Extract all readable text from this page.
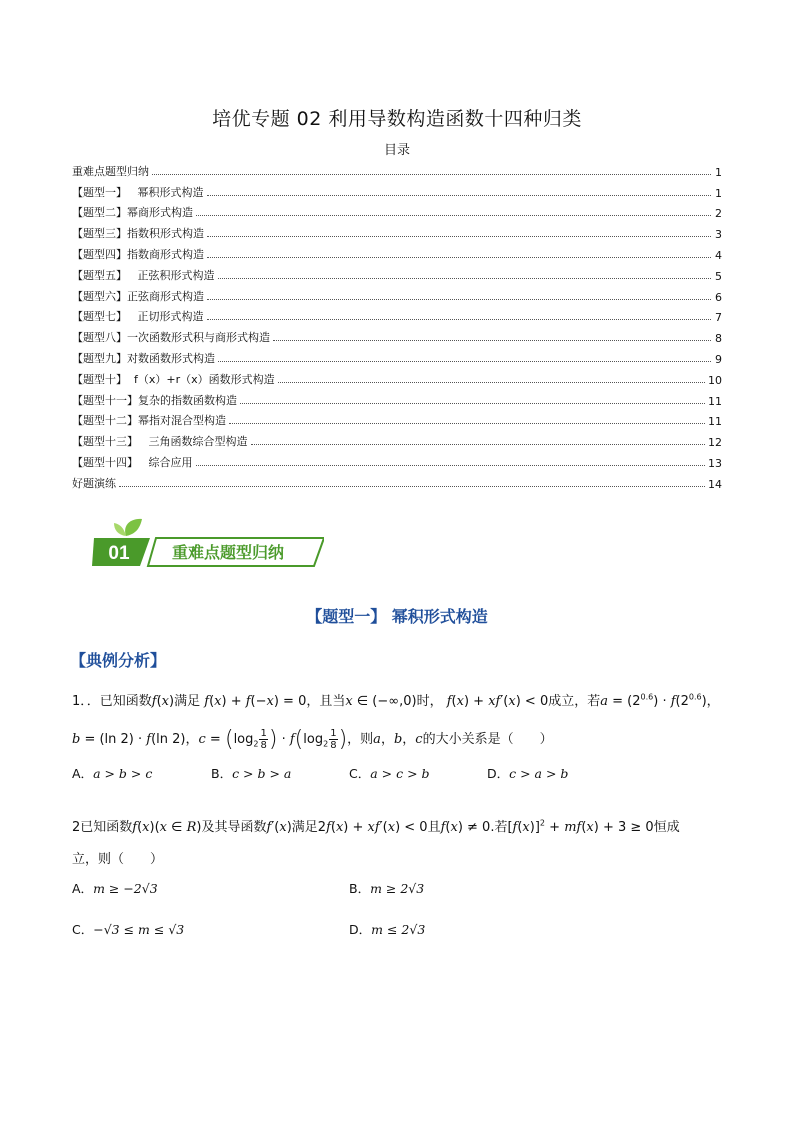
培优专题 02 利用导数构造函数十四种归类
目录
重难点题型归纳	1
【题型一】   幂积形式构造	1
【题型二】幂商形式构造	2
【题型三】指数积形式构造	3
【题型四】指数商形式构造	4
【题型五】   正弦积形式构造	5
【题型六】正弦商形式构造	6
【题型七】   正切形式构造	7
【题型八】一次函数形式积与商形式构造	8
【题型九】对数函数形式构造	9
【题型十】  f（x）+r（x）函数形式构造	10
【题型十一】复杂的指数函数构造	11
【题型十二】幂指对混合型构造	11
【题型十三】   三角函数综合型构造	12
【题型十四】   综合应用	13
好题演练	14
01	重难点题型归纳
【题型一】 幂积形式构造
【典例分析】
1．．已知函数f(x)满足 f(x) + f(−x) = 0，且当x ∈ (−∞,0)时， f(x) + xf′(x) < 0成立，若$a = (2^{0.6}) \cdot f(2^{0.6})$，
b = (ln 2) · f(ln 2)，$c = (\log_2 \frac{1}{8}$ ) · $f(\log_2 \frac{1}{8}$ )，则a，b，c的大小关系是（　　）
A．a > b > c	B．c > b > a	C．a > c > b	D．c > a > b
2已知函数f(x)(x ∈ R)及其导函数f′(x)满足2f(x) + xf′(x) < 0且f(x) ≠ 0.若$[f(x)]^2 + mf(x) + 3 \ge 0$恒成
立，则（　　）
A．m ≥ −2√3	B．m ≥ 2√3
C．−√3 ≤ m ≤ √3	D．m ≤ 2√3
